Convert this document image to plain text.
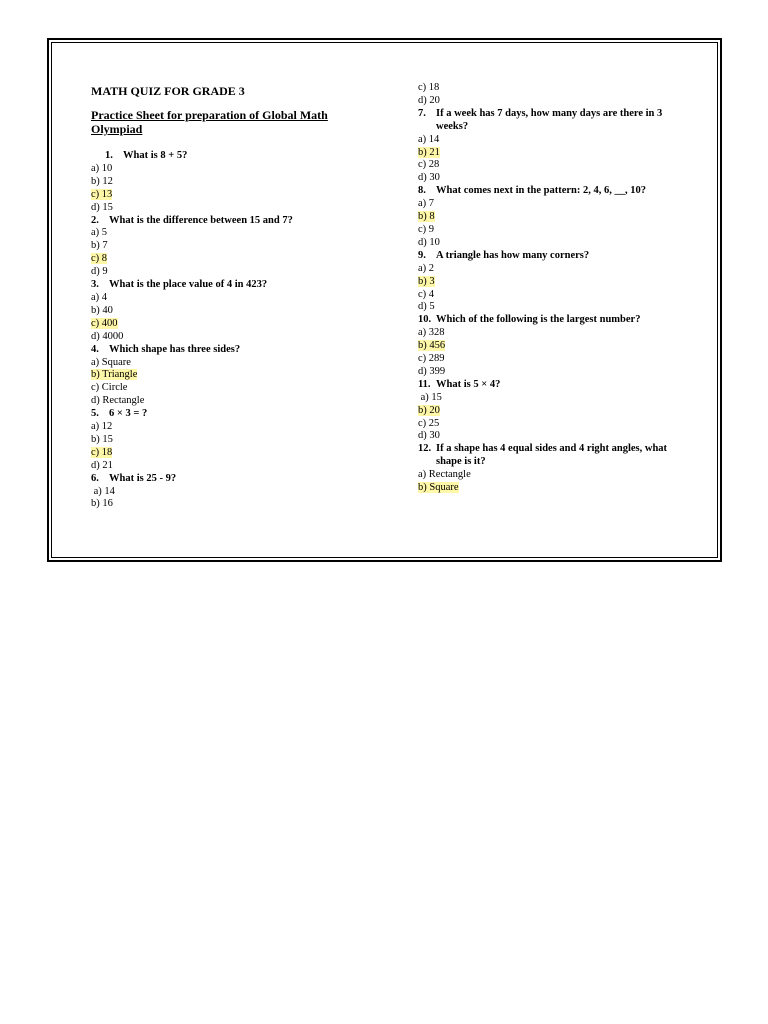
MATH QUIZ FOR GRADE 3
Practice Sheet for preparation of Global Math Olympiad
1. What is 8 + 5?
a) 10
b) 12
c) 13
d) 15
2. What is the difference between 15 and 7?
a) 5
b) 7
c) 8
d) 9
3. What is the place value of 4 in 423?
a) 4
b) 40
c) 400
d) 4000
4. Which shape has three sides?
a) Square
b) Triangle
c) Circle
d) Rectangle
5. 6 × 3 = ?
a) 12
b) 15
c) 18
d) 21
6. What is 25 - 9?
a) 14
b) 16
c) 18
d) 20
7. If a week has 7 days, how many days are there in 3 weeks?
a) 14
b) 21
c) 28
d) 30
8. What comes next in the pattern: 2, 4, 6, __, 10?
a) 7
b) 8
c) 9
d) 10
9. A triangle has how many corners?
a) 2
b) 3
c) 4
d) 5
10. Which of the following is the largest number?
a) 328
b) 456
c) 289
d) 399
11. What is 5 × 4?
a) 15
b) 20
c) 25
d) 30
12. If a shape has 4 equal sides and 4 right angles, what shape is it?
a) Rectangle
b) Square
